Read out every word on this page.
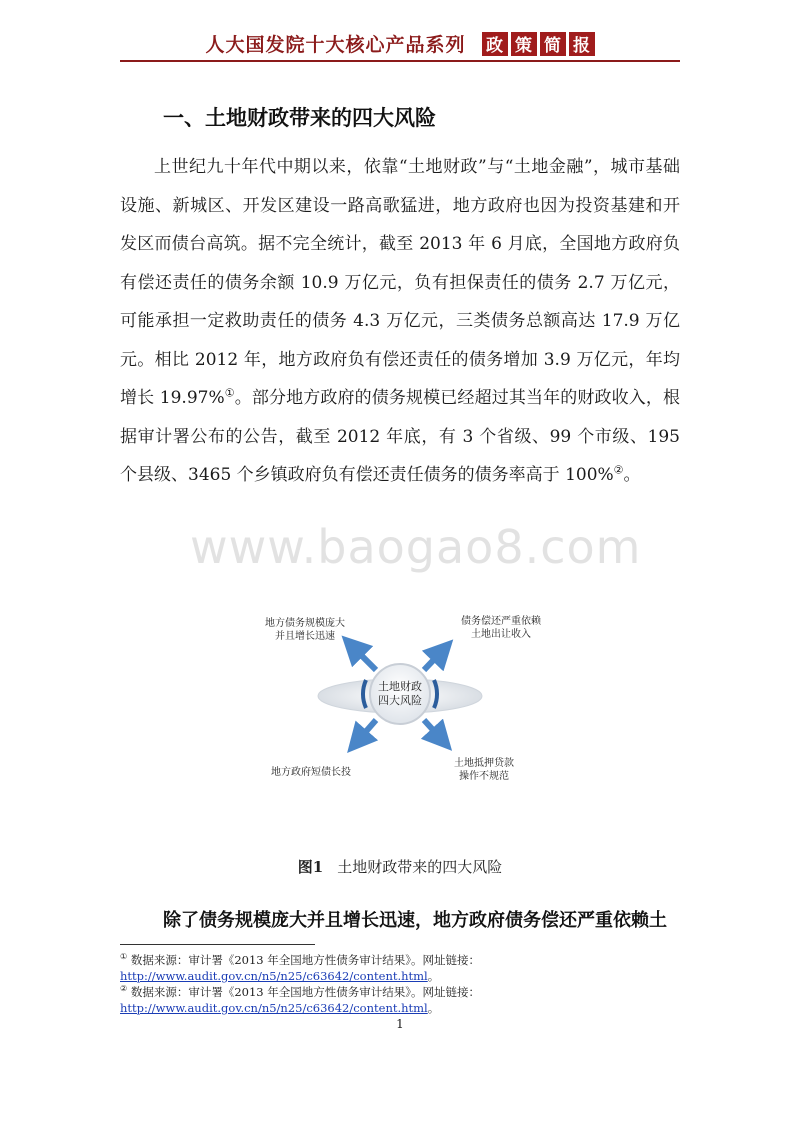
人大国发院十大核心产品系列 政 策 简 报
一、土地财政带来的四大风险

上世纪九十年代中期以来，依靠“土地财政”与“土地金融”，城市基础设施、新城区、开发区建设一路高歌猛进，地方政府也因为投资基建和开发区而债台高筑。据不完全统计，截至 2013 年 6 月底，全国地方政府负有偿还责任的债务余额 10.9 万亿元，负有担保责任的债务 2.7 万亿元，可能承担一定救助责任的债务 4.3 万亿元，三类债务总额高达 17.9 万亿元。相比 2012 年，地方政府负有偿还责任的债务增加 3.9 万亿元，年均增长 19.97%①。部分地方政府的债务规模已经超过其当年的财政收入，根据审计署公布的公告，截至 2012 年底，有 3 个省级、99 个市级、195 个县级、3465 个乡镇政府负有偿还责任债务的债务率高于 100%②。

www.baogao8.com
土地财政
四大风险
地方债务规模庞大
并且增长迅速
债务偿还严重依赖
土地出让收入
地方政府短债长投
土地抵押贷款
操作不规范
图1 土地财政带来的四大风险
除了债务规模庞大并且增长迅速，地方政府债务偿还严重依赖土

① 数据来源：审计署《2013 年全国地方性债务审计结果》。网址链接：

http://www.audit.gov.cn/n5/n25/c63642/content.html。

② 数据来源：审计署《2013 年全国地方性债务审计结果》。网址链接：

http://www.audit.gov.cn/n5/n25/c63642/content.html。

1
